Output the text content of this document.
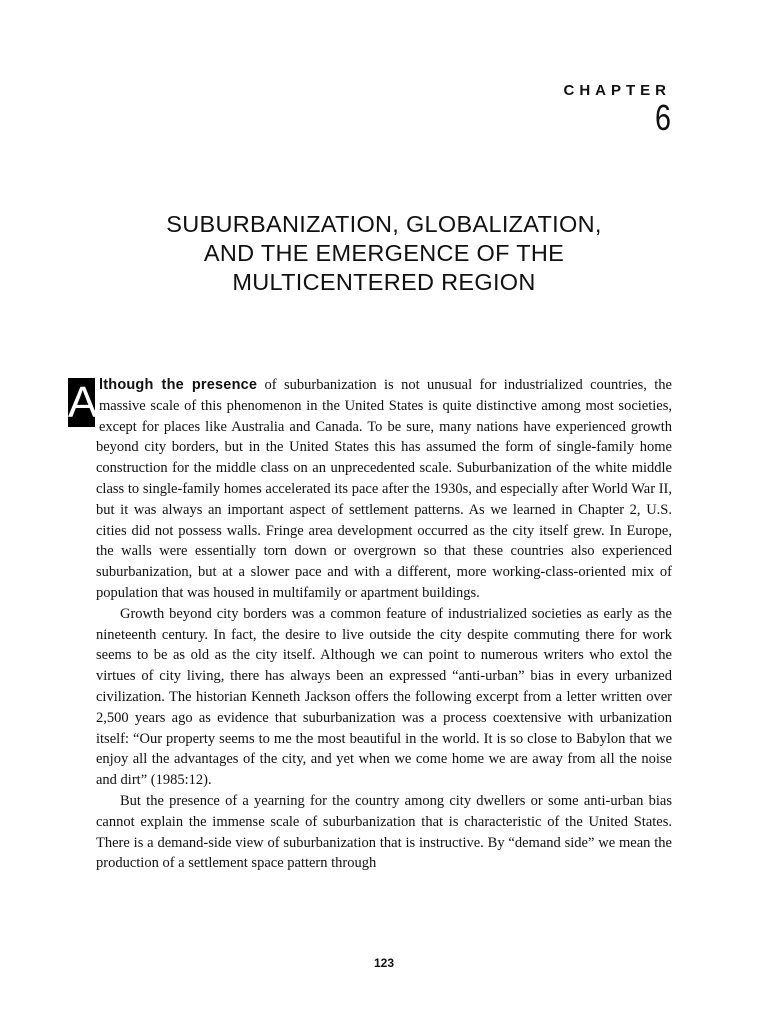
CHAPTER
6
SUBURBANIZATION, GLOBALIZATION,
AND THE EMERGENCE OF THE
MULTICENTERED REGION

A lthough the presence of suburbanization is not unusual for industrialized countries, the massive scale of this phenomenon in the United States is quite distinctive among most societies, except for places like Australia and Canada. To be sure, many nations have experienced growth beyond city borders, but in the United States this has assumed the form of single-family home construction for the middle class on an unprecedented scale. Suburbanization of the white middle class to single-family homes accelerated its pace after the 1930s, and especially after World War II, but it was always an important aspect of settlement patterns. As we learned in Chapter 2, U.S. cities did not possess walls. Fringe area development occurred as the city itself grew. In Europe, the walls were essentially torn down or overgrown so that these countries also experienced suburbanization, but at a slower pace and with a different, more working-class-oriented mix of population that was housed in multifamily or apartment buildings.

Growth beyond city borders was a common feature of industrialized societies as early as the nineteenth century. In fact, the desire to live outside the city despite commuting there for work seems to be as old as the city itself. Although we can point to numerous writers who extol the virtues of city living, there has always been an expressed “anti-urban” bias in every urbanized civilization. The historian Kenneth Jackson offers the following excerpt from a letter written over 2,500 years ago as evidence that suburbanization was a process coextensive with urbanization itself: “Our property seems to me the most beautiful in the world. It is so close to Babylon that we enjoy all the advantages of the city, and yet when we come home we are away from all the noise and dirt” (1985:12).

But the presence of a yearning for the country among city dwellers or some anti-urban bias cannot explain the immense scale of suburbanization that is characteristic of the United States. There is a demand-side view of suburbanization that is instructive. By “demand side” we mean the production of a settlement space pattern through

123
